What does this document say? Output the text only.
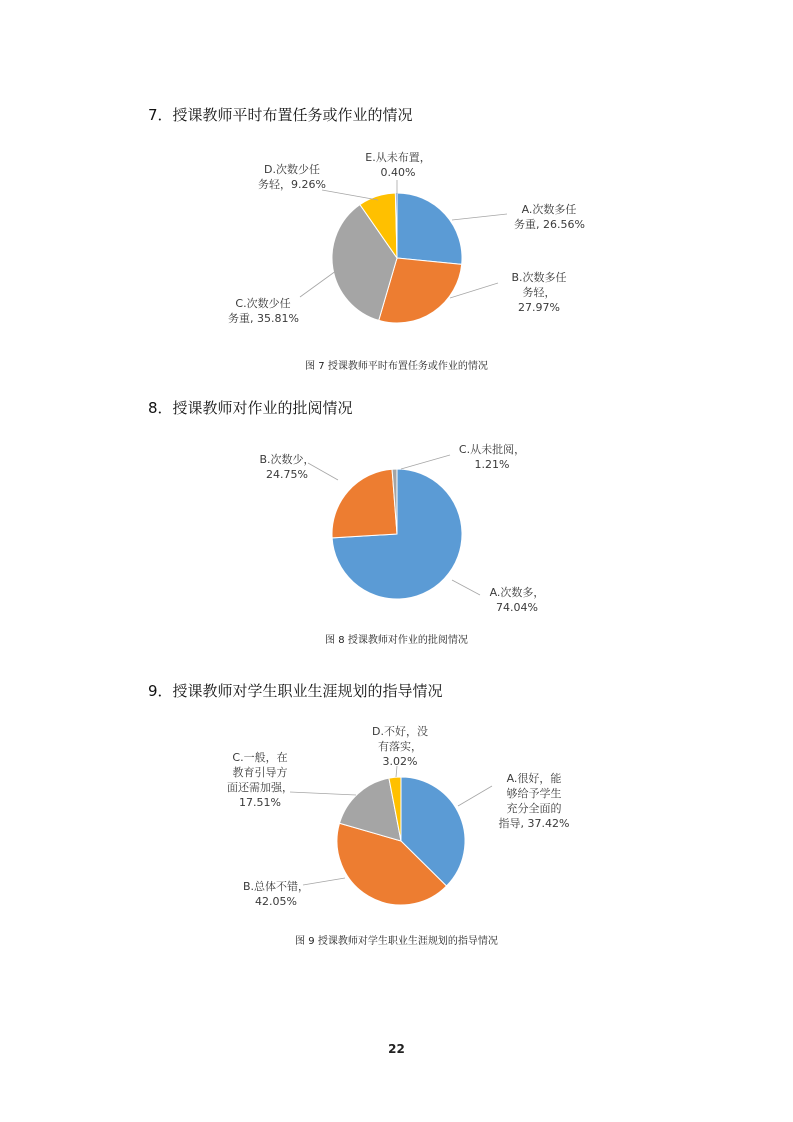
7．授课教师平时布置任务或作业的情况
A.次数多任
务重, 26.56%
B.次数多任
务轻，
27.97%
C.次数少任
务重, 35.81%
D.次数少任
务轻，9.26%
E.从未布置，
0.40%
图 7 授课教师平时布置任务或作业的情况
8．授课教师对作业的批阅情况
A.次数多，
74.04%
B.次数少，
24.75%
C.从未批阅，
1.21%
图 8 授课教师对作业的批阅情况
9．授课教师对学生职业生涯规划的指导情况
A.很好，能
够给予学生
充分全面的
指导, 37.42%
B.总体不错，
42.05%
C.一般，在
教育引导方
面还需加强，
17.51%
D.不好，没
有落实，
3.02%
图 9 授课教师对学生职业生涯规划的指导情况
22
